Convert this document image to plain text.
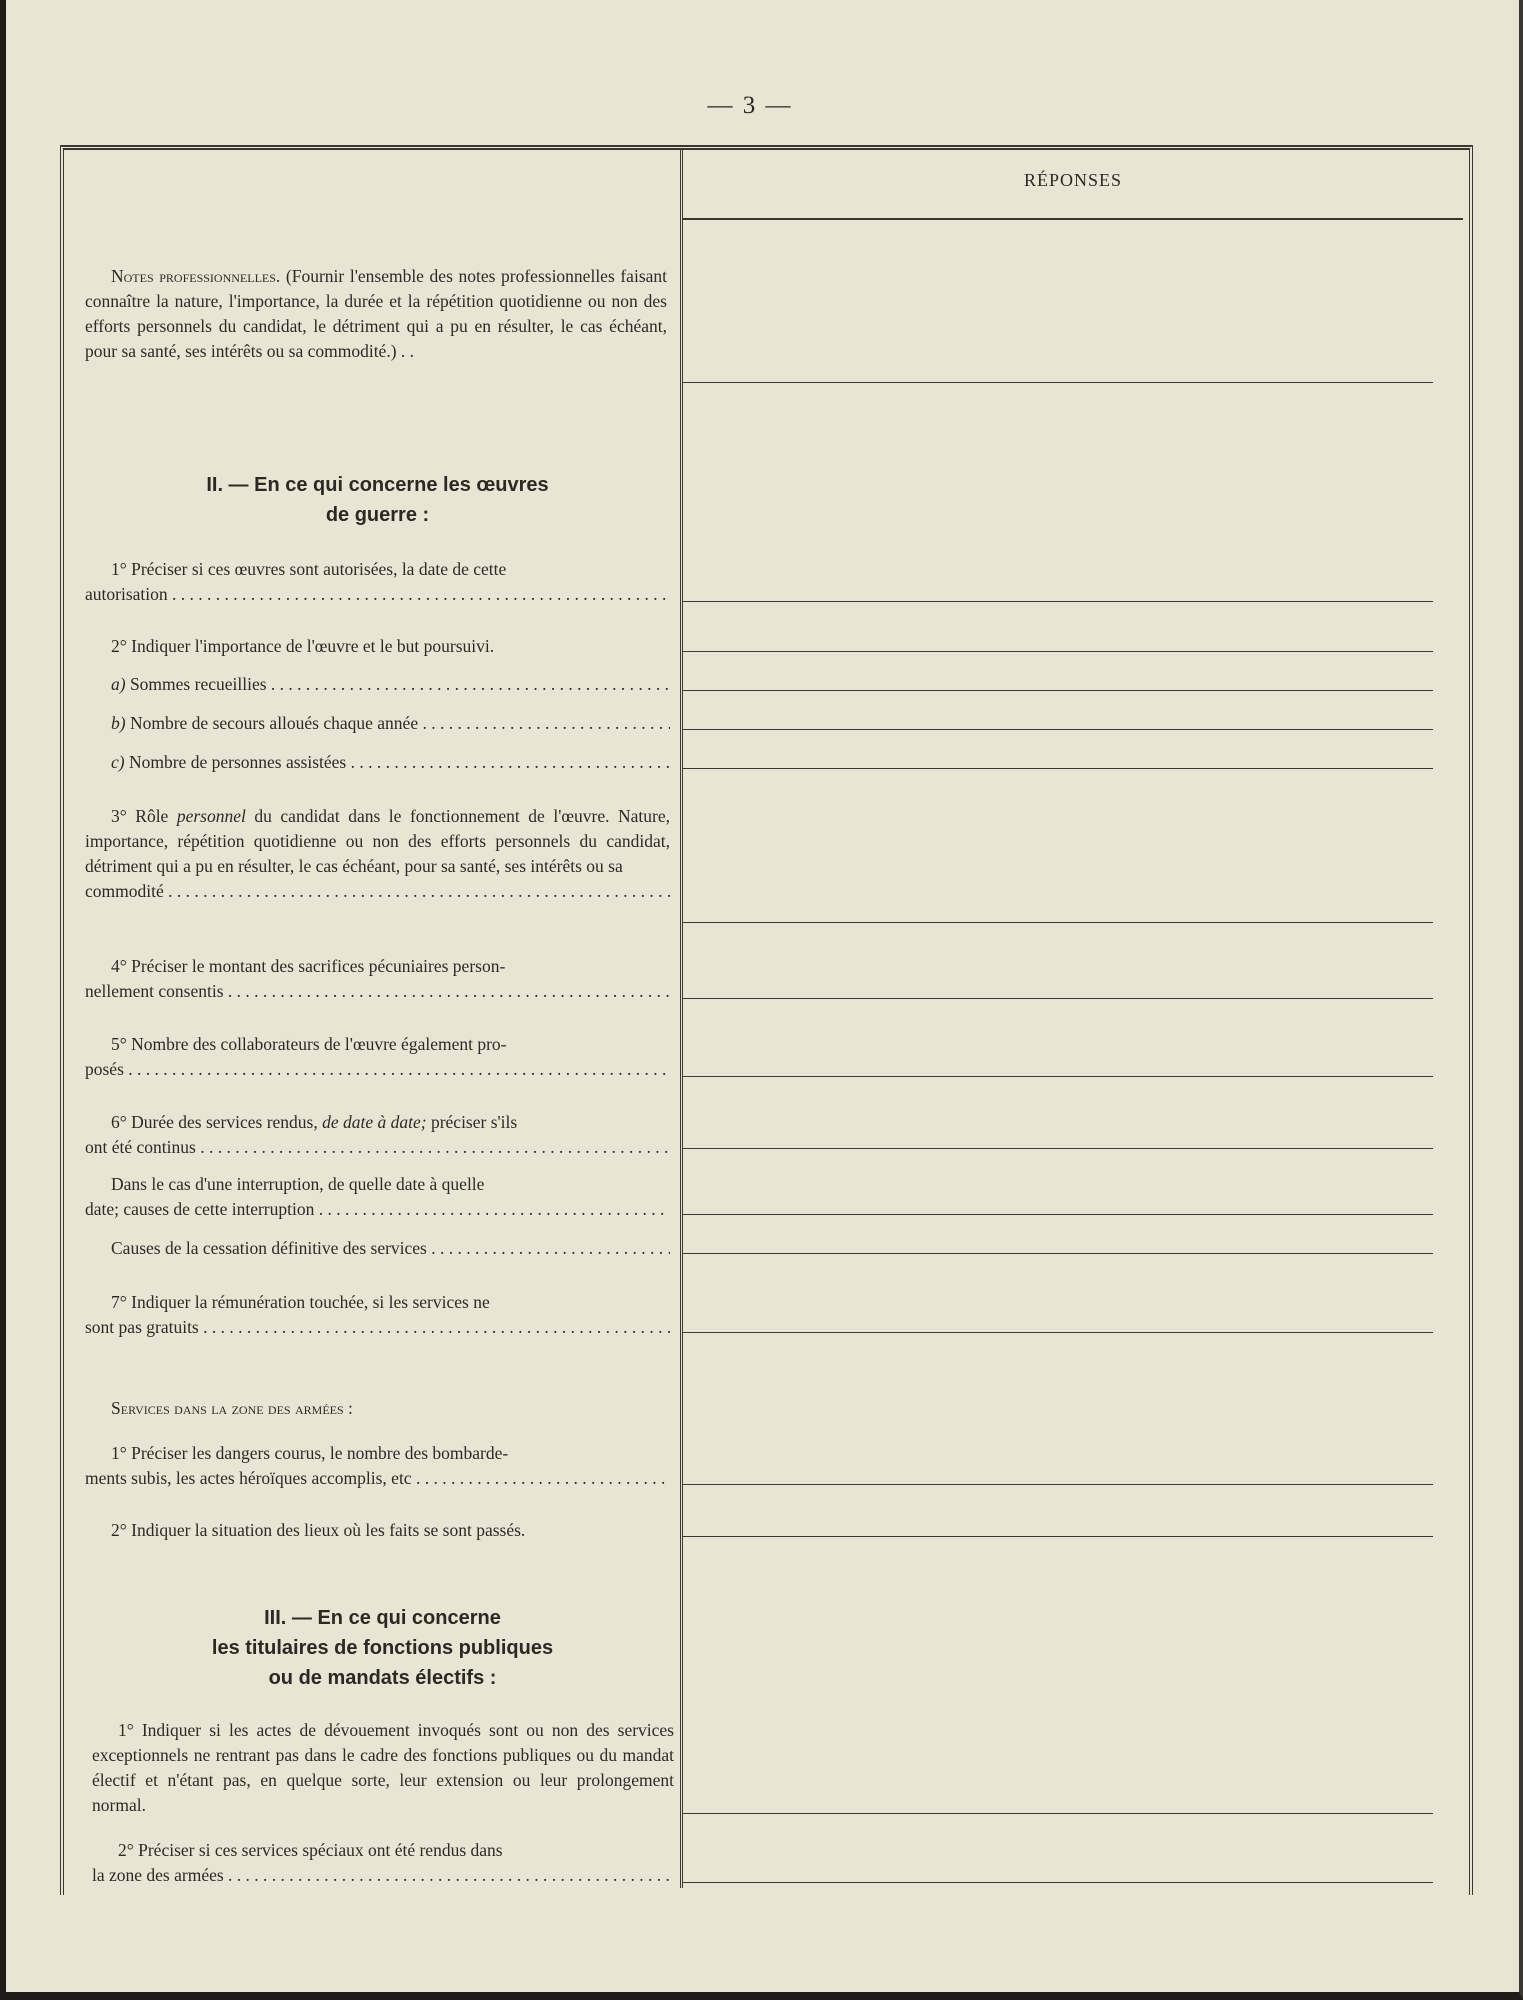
— 3 —
RÉPONSES
Notes professionnelles. (Fournir l'ensemble des notes professionnelles faisant connaître la nature, l'importance, la durée et la répétition quotidienne ou non des efforts personnels du candidat, le détriment qui a pu en résulter, le cas échéant, pour sa santé, ses intérêts ou sa commodité.) . .
II. — En ce qui concerne les œuvres
de guerre :
1° Préciser si ces œuvres sont autorisées, la date de cette
autorisation . . .
2° Indiquer l'importance de l'œuvre et le but poursuivi.
a) Sommes recueillies . . .
b) Nombre de secours alloués chaque année . . .
c) Nombre de personnes assistées . . .
3° Rôle personnel du candidat dans le fonctionnement de l'œuvre. Nature, importance, répétition quotidienne ou non des efforts personnels du candidat, détriment qui a pu en résulter, le cas échéant, pour sa santé, ses intérêts ou sa
commodité . . .
4° Préciser le montant des sacrifices pécuniaires person-
nellement consentis . . .
5° Nombre des collaborateurs de l'œuvre également pro-
posés . . .
6° Durée des services rendus, de date à date; préciser s'ils
ont été continus . . .
Dans le cas d'une interruption, de quelle date à quelle
date; causes de cette interruption . . .
Causes de la cessation définitive des services . . .
7° Indiquer la rémunération touchée, si les services ne
sont pas gratuits . . .
Services dans la zone des armées :
1° Préciser les dangers courus, le nombre des bombarde-
ments subis, les actes héroïques accomplis, etc . . .
2° Indiquer la situation des lieux où les faits se sont passés.
III. — En ce qui concerne
les titulaires de fonctions publiques
ou de mandats électifs :
1° Indiquer si les actes de dévouement invoqués sont ou non des services exceptionnels ne rentrant pas dans le cadre des fonctions publiques ou du mandat électif et n'étant pas, en quelque sorte, leur extension ou leur prolongement normal.
2° Préciser si ces services spéciaux ont été rendus dans
la zone des armées . . .
